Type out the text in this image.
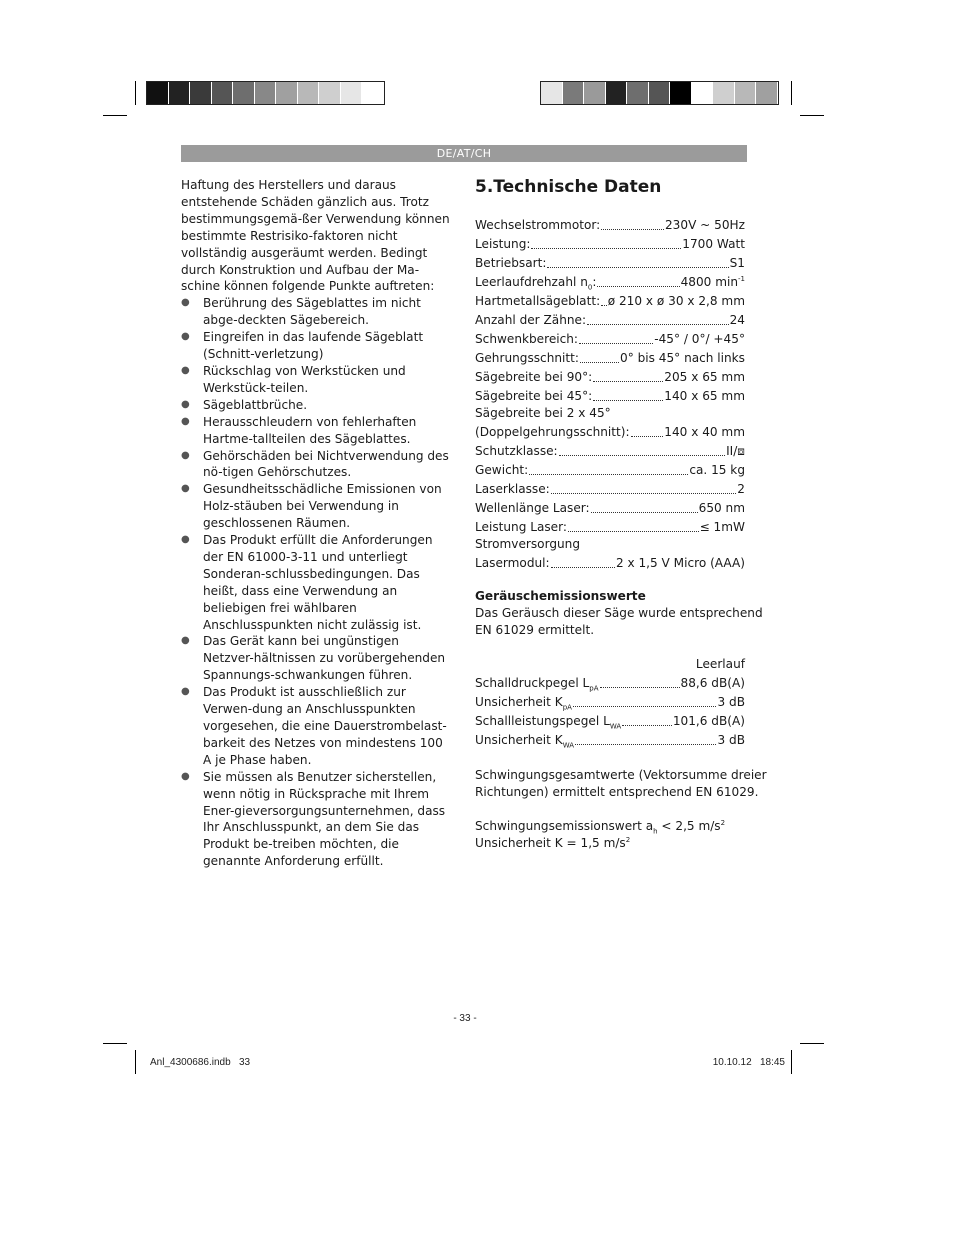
DE/AT/CH

Haftung des Herstellers und daraus entstehende Schäden gänzlich aus. Trotz bestimmungsgemä-ßer Verwendung können bestimmte Restrisiko-faktoren nicht vollständig ausgeräumt werden. Bedingt durch Konstruktion und Aufbau der Ma-schine können folgende Punkte auftreten:

● Berührung des Sägeblattes im nicht abge-deckten Sägebereich.
● Eingreifen in das laufende Sägeblatt (Schnitt-verletzung)
● Rückschlag von Werkstücken und Werkstück-teilen.
● Sägeblattbrüche.
● Herausschleudern von fehlerhaften Hartme-tallteilen des Sägeblattes.
● Gehörschäden bei Nichtverwendung des nö-tigen Gehörschutzes.
● Gesundheitsschädliche Emissionen von Holz-stäuben bei Verwendung in geschlossenen Räumen.
● Das Produkt erfüllt die Anforderungen der EN 61000-3-11 und unterliegt Sonderan-schlussbedingungen. Das heißt, dass eine Verwendung an beliebigen frei wählbaren Anschlusspunkten nicht zulässig ist.
● Das Gerät kann bei ungünstigen Netzver-hältnissen zu vorübergehenden Spannungs-schwankungen führen.
● Das Produkt ist ausschließlich zur Verwen-dung an Anschlusspunkten vorgesehen, die eine Dauerstrombelast-barkeit des Netzes von mindestens 100 A je Phase haben.
● Sie müssen als Benutzer sicherstellen, wenn nötig in Rücksprache mit Ihrem Ener-gieversorgungsunternehmen, dass Ihr Anschlusspunkt, an dem Sie das Produkt be-treiben möchten, die genannte Anforderung erfüllt.
5.Technische Daten
Wechselstrommotor:	230V ~ 50Hz
Leistung:	1700 Watt
Betriebsart:	S1
Leerlaufdrehzahl $n_0$:	4800 $\min^{-1}$
Hartmetallsägeblatt: ø 210 x ø 30 x 2,8 mm
Anzahl der Zähne:	24
Schwenkbereich:	-45° / 0°/ +45°
Gehrungsschnitt:	0° bis 45° nach links
Sägebreite bei 90°:	205 x 65 mm
Sägebreite bei 45°:	140 x 65 mm
Sägebreite bei 2 x 45°
(Doppelgehrungsschnitt):	140 x 40 mm
Schutzklasse:	II/⧈
Gewicht:	ca. 15 kg
Laserklasse:	2
Wellenlänge Laser:	650 nm
Leistung Laser:	≤ 1mW
Stromversorgung
Lasermodul:	2 x 1,5 V Micro (AAA)
Geräuschemissionswerte
Das Geräusch dieser Säge wurde entsprechend
EN 61029 ermittelt.
Leerlauf
Schalldruckpegel $L_{pA}$	88,6 dB(A)
Unsicherheit $K_{pA}$	3 dB
Schallleistungspegel $L_{WA}$	101,6 dB(A)
Unsicherheit $K_{WA}$	3 dB
Schwingungsgesamtwerte (Vektorsumme dreier
Richtungen) ermittelt entsprechend EN 61029.
Schwingungsemissionswert $a_h < 2,5$ $m/s^2$
Unsicherheit K = 1,5 $m/s^2$
- 33 -
Anl_4300686.indb   33	10.10.12   18:45
